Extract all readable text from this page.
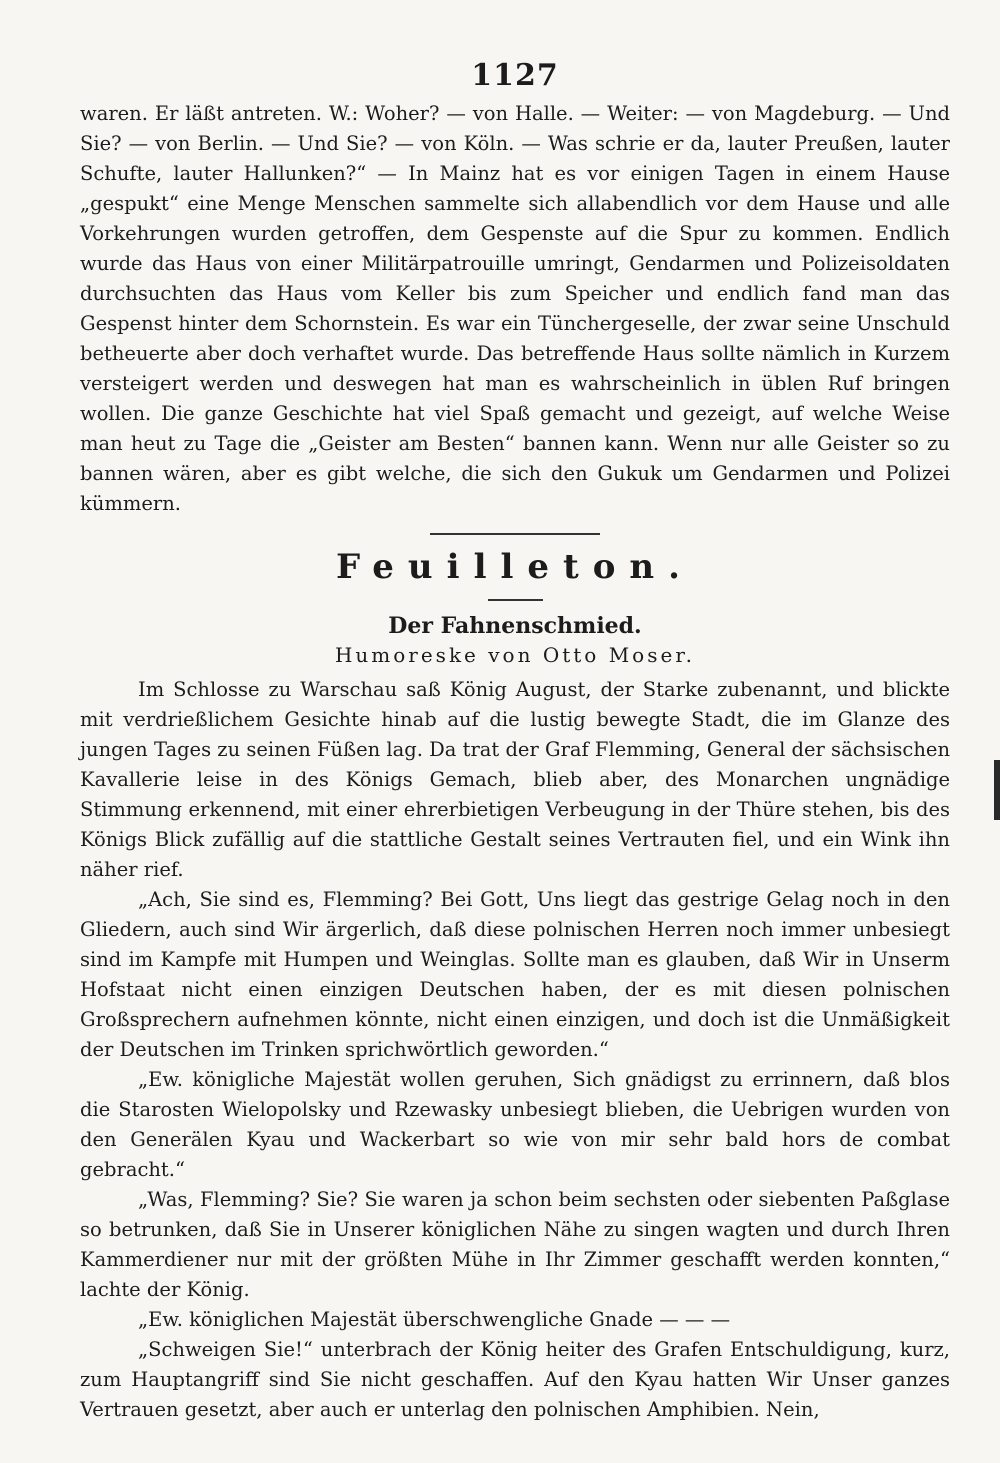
1127

waren. Er läßt antreten. W.: Woher? — von Halle. — Weiter: — von Magdeburg. — Und Sie? — von Berlin. — Und Sie? — von Köln. — Was schrie er da, lauter Preußen, lauter Schufte, lauter Hallunken?“ — In Mainz hat es vor einigen Tagen in einem Hause „gespukt“ eine Menge Menschen sammelte sich allabendlich vor dem Hause und alle Vorkehrungen wurden getroffen, dem Gespenste auf die Spur zu kommen. Endlich wurde das Haus von einer Militärpatrouille umringt, Gendarmen und Polizeisoldaten durchsuchten das Haus vom Keller bis zum Speicher und endlich fand man das Gespenst hinter dem Schornstein. Es war ein Tünchergeselle, der zwar seine Unschuld betheuerte aber doch verhaftet wurde. Das betreffende Haus sollte nämlich in Kurzem versteigert werden und deswegen hat man es wahrscheinlich in üblen Ruf bringen wollen. Die ganze Geschichte hat viel Spaß gemacht und gezeigt, auf welche Weise man heut zu Tage die „Geister am Besten“ bannen kann. Wenn nur alle Geister so zu bannen wären, aber es gibt welche, die sich den Gukuk um Gendarmen und Polizei kümmern.

Feuilleton.
Der Fahnenschmied.
Humoreske von Otto Moser.

Im Schlosse zu Warschau saß König August, der Starke zubenannt, und blickte mit verdrießlichem Gesichte hinab auf die lustig bewegte Stadt, die im Glanze des jungen Tages zu seinen Füßen lag. Da trat der Graf Flemming, General der sächsischen Kavallerie leise in des Königs Gemach, blieb aber, des Monarchen ungnädige Stimmung erkennend, mit einer ehrerbietigen Verbeugung in der Thüre stehen, bis des Königs Blick zufällig auf die stattliche Gestalt seines Vertrauten fiel, und ein Wink ihn näher rief.

„Ach, Sie sind es, Flemming? Bei Gott, Uns liegt das gestrige Gelag noch in den Gliedern, auch sind Wir ärgerlich, daß diese polnischen Herren noch immer unbesiegt sind im Kampfe mit Humpen und Weinglas. Sollte man es glauben, daß Wir in Unserm Hofstaat nicht einen einzigen Deutschen haben, der es mit diesen polnischen Großsprechern aufnehmen könnte, nicht einen einzigen, und doch ist die Unmäßigkeit der Deutschen im Trinken sprichwörtlich geworden.“

„Ew. königliche Majestät wollen geruhen, Sich gnädigst zu errinnern, daß blos die Starosten Wielopolsky und Rzewasky unbesiegt blieben, die Uebrigen wurden von den Generälen Kyau und Wackerbart so wie von mir sehr bald hors de combat gebracht.“

„Was, Flemming? Sie? Sie waren ja schon beim sechsten oder siebenten Paßglase so betrunken, daß Sie in Unserer königlichen Nähe zu singen wagten und durch Ihren Kammerdiener nur mit der größten Mühe in Ihr Zimmer geschafft werden konnten,“ lachte der König.

„Ew. königlichen Majestät überschwengliche Gnade — — —

„Schweigen Sie!“ unterbrach der König heiter des Grafen Entschuldigung, kurz, zum Hauptangriff sind Sie nicht geschaffen. Auf den Kyau hatten Wir Unser ganzes Vertrauen gesetzt, aber auch er unterlag den polnischen Amphibien. Nein,
